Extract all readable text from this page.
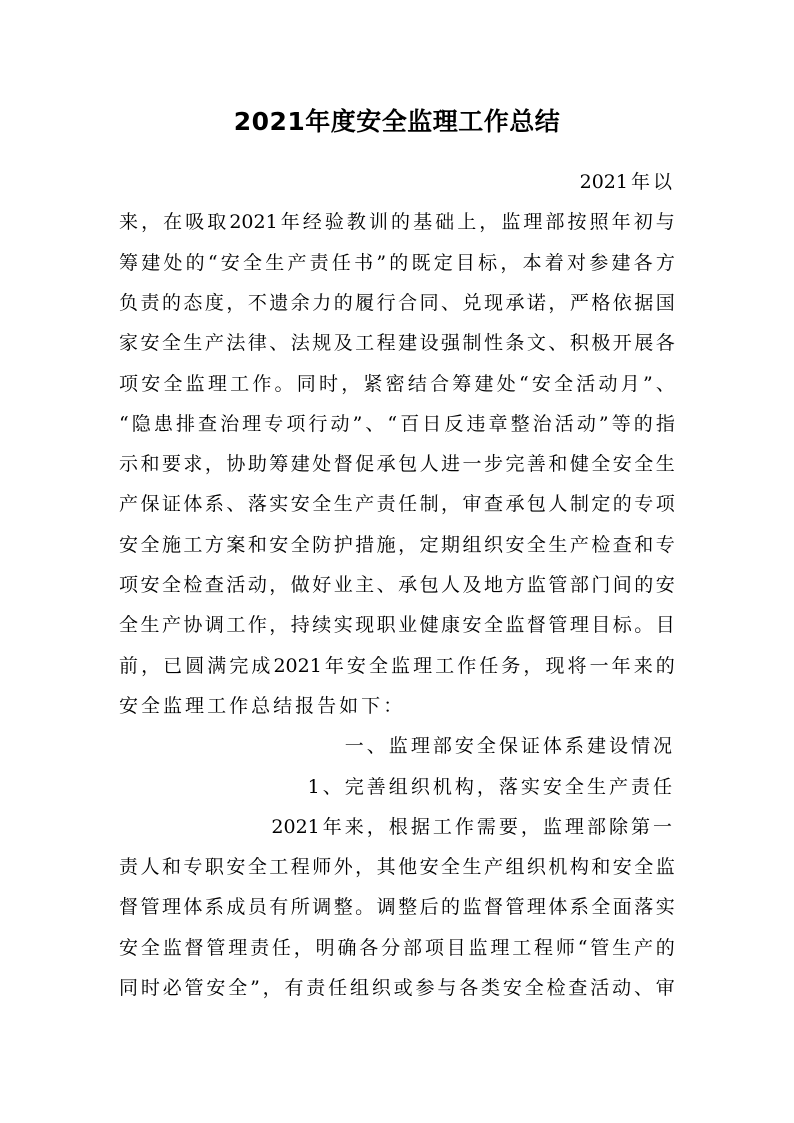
2021年度安全监理工作总结
2021 年 以
来 ， 在 吸 取 2021 年 经 验 教 训 的 基 础 上 ， 监 理 部 按 照 年 初 与
筹 建 处 的 “ 安 全 生 产 责 任 书 ” 的 既 定 目 标 ， 本 着 对 参 建 各 方
负 责 的 态 度 ， 不 遗 余 力 的 履 行 合 同 、 兑 现 承 诺 ， 严 格 依 据 国
家 安 全 生 产 法 律 、 法 规 及 工 程 建 设 强 制 性 条 文 、 积 极 开 展 各
项 安 全 监 理 工 作 。 同 时 ， 紧 密 结 合 筹 建 处 “ 安 全 活 动 月 ” 、
“ 隐 患 排 查 治 理 专 项 行 动 ” 、 “ 百 日 反 违 章 整 治 活 动 ” 等 的 指
示 和 要 求 ， 协 助 筹 建 处 督 促 承 包 人 进 一 步 完 善 和 健 全 安 全 生
产 保 证 体 系 、 落 实 安 全 生 产 责 任 制 ， 审 查 承 包 人 制 定 的 专 项
安 全 施 工 方 案 和 安 全 防 护 措 施 ， 定 期 组 织 安 全 生 产 检 查 和 专
项 安 全 检 查 活 动 ， 做 好 业 主 、 承 包 人 及 地 方 监 管 部 门 间 的 安
全 生 产 协 调 工 作 ， 持 续 实 现 职 业 健 康 安 全 监 督 管 理 目 标 。 目
前 ， 已 圆 满 完 成 2021 年 安 全 监 理 工 作 任 务 ， 现 将 一 年 来 的
安 全 监 理 工 作 总 结 报 告 如 下 ：
一 、 监 理 部 安 全 保 证 体 系 建 设 情 况
1 、 完 善 组 织 机 构 ， 落 实 安 全 生 产 责 任
2021 年 来 ， 根 据 工 作 需 要 ， 监 理 部 除 第 一
责 人 和 专 职 安 全 工 程 师 外 ， 其 他 安 全 生 产 组 织 机 构 和 安 全 监
督 管 理 体 系 成 员 有 所 调 整 。 调 整 后 的 监 督 管 理 体 系 全 面 落 实
安 全 监 督 管 理 责 任 ， 明 确 各 分 部 项 目 监 理 工 程 师 “ 管 生 产 的
同 时 必 管 安 全 ” ， 有 责 任 组 织 或 参 与 各 类 安 全 检 查 活 动 、 审
